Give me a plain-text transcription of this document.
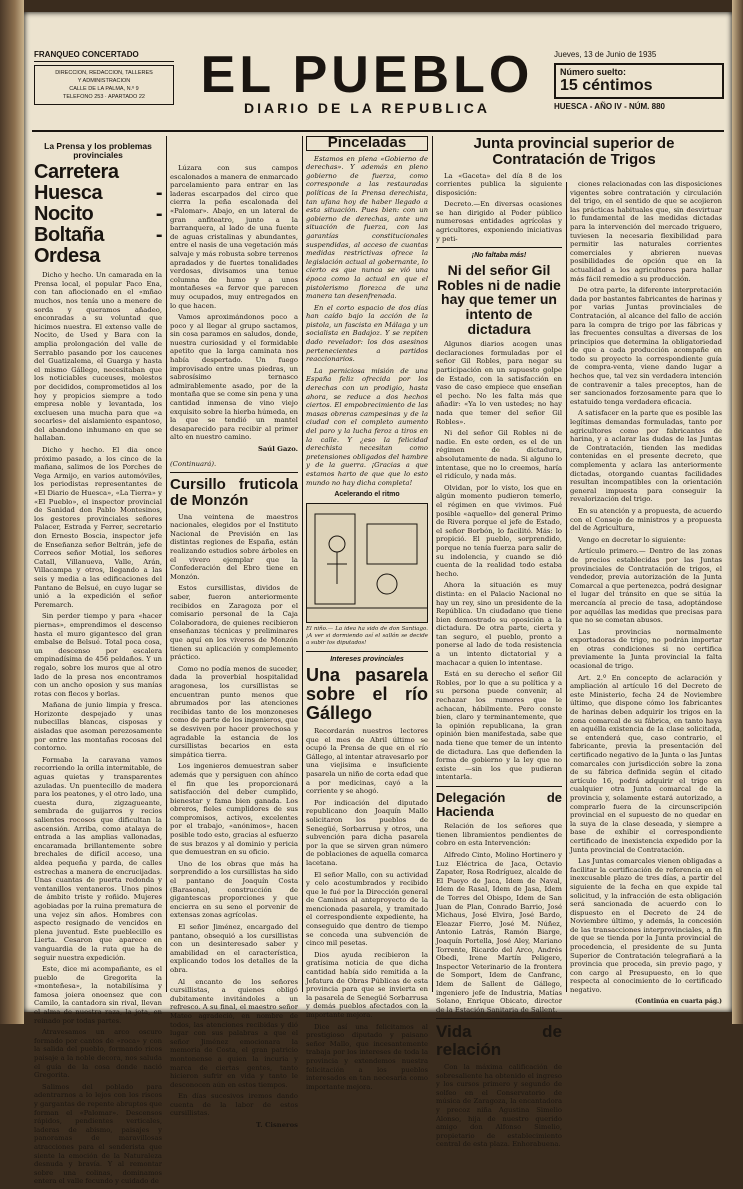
FRANQUEO CONCERTADO
DIRECCION, REDACCION, TALLERES
Y ADMINISTRACION
CALLE DE LA PALMA, N.º 9
TELEFONO 253 · APARTADO 22	EL PUEBLO
DIARIO DE LA REPUBLICA
Jueves, 13 de Junio de 1935
Número suelto:
15 céntimos
HUESCA - AÑO IV - NÚM. 880
La Prensa y los problemas provinciales
Carretera Huesca - Nocito - Boltaña - Ordesa

Dicho y hecho. Un camarada en la Prensa local, el popular Paco Ena, con tan afiocionado en el «mñao muchos, nos tenía uno a menere de sorda y queramos añadeo, enconradas a su voluntad que hicimos nuestra. El extenso valle de Nocito, de Used y Bara con la amplia prolongación del valle de Serrablo pasando por los caucenes del Guatizalema, el Guarga y hasta el mismo Gállego, necesitaban que los noticiables cuceuses, molestos por decididos, comprometidos al los hoy y propicios siempre a todo empresa noble y levantada, los excluesen una mucha para que «a socarles» del aislamiento espantoso, del abandono inhumano en que se hallaban.

Dicho y hecho. El dia once próximo pasado, a los cinco de la mañana, salimos de los Porches de Vega Armijo, en varios automóviles, los periodistas representantes de «El Diario de Huesca», «La Tierra» y «El Pueblo», el inspector provincial de Sanidad don Pablo Montesinos, los gestores provinciales señores Palacer, Estrada y Ferrer, secretario don Ernesto Boscia, inspector jefe de Enseñanza señor Beltrán, jefe de Correos señor Motial, los señores Catall, Villanueva, Valle, Arán, Villacampa y otros, llegando a las seis y media a las edificaciones del Pantano de Belsué, en cuyo lugar se unió a la expedición el señor Peremarch.

Sin perder tiempo y para «hacer piernas», emprendimos el descenso hasta el muro gigantesco del gran embalse de Belsué. Total poca cosa, un descenso por escalera empinadísima de 456 peldaños. Y un regalo, sobre los muros que al otro lado de la presa nos encontramos con un ancho oposion y sus manías rotas con flecos y borlas.

Mañana de junio limpia y fresca. Horizonte despejado y unas nubecillas blancas, cisposas y aisladas que asoman perezosamente por entre las montañas rocosas del contorno.

Formaba la caravana vamos recorriendo la orilla intermitable, de aguas quietas y transparentes azuladas. Un puentecillo de madera para los peatones, y el otro lado, una cuesta dura, zigzagueante, sembrada de guijarros y recios salientes rocosos que dificultan la ascensión. Arriba, como atalaya de entrada a las amplias vallonadas, encaramada brillantemente sobre brechales de difícil acceso, una aldea pequeña y parda, de calles estrechas a manera de encrucijadas. Unas cuantas de puerta redonda y ventanillos ventaneros. Unos pinos de ámbito triste y roñido. Mujeres agobiadas por la ruina prematura de una vejez sin años. Hombres con aspecto resignado de vencidos en plena juventud. Este pueblecillo es Lierta. Cesaron que aparece en vanguardia de la ruta que ha de seguir nuestra expedición.

Este, dice mi acompañante, es el pueblo de Gregorita la «monteñesa», la notabilísima y famosa joiera onoensez que con Camilo, la cantadora sin rival, llevan el alma de nuestra raza, la jota, en reinado por todas partes.

Atravesamos un arco oscuro formado por cantos de «roca» y con la salida del pueblo, formando ricos paisaje a la noble decora, nos saluda el guía de la cosa donde nació Gregorita.

Salimos del poblado para adentrarnos a lo lejos con los riscos y gargantas de repente abruptos que forman el «Palomar». Descensos rápidos, pendientes verticales, laderas de abismo, paisajes y panoramas de maravillosas atracciones para el senderista que siente la emoción de la Naturaleza desnuda y bravía. Y al remontar sobre una colinas, dominamos entera el valle fecundo y cuidado de

Lúzara con sus campos escalonados a manera de enmarcado parcelamiento para entrar en las laderas escarpados del circo que cierra la peña escalonada del «Palomar». Abajo, en un lateral de gran anfiteatro, junto a la barranquera, al lado de una fuente de aguas cristalinas y abundantes, entre el nasis de una vegetación más salvaje y más robusta sobre terrenos apradados y de fuertes tonalidades verdosas, divisamos una tenue columna de humo y a unos montañeses «a fervor que parecen muy ocupados, muy entregados en lo que hacen.

Vamos aproximándonos poco a poco y al llegar al grupo sactamos, sin cosa paramos en saludos, donde, nuestra curiosidad y el formidable apetito que la larga caminata nos había despertado. Un fuego improvisado entre unas piedras, un sabrosísimo ternasco admirablemente asado, por de la montaña que se come sin pena y una cantidad inmensa de vino viejo exquisito sobre la hierba húmeda, en la que se tendió un mantel desaparecido para recibir al primer alto en nuestro camino.

Saúl Gazo.
(Continuará).
Cursillo fruticola de Monzón

Una veintena de maestros nacionales, elegidos por el Instituto Nacional de Previsión en las distintas regiones de España, están realizando estudios sobre árboles en el vivero ejemplar que la Confederación del Ebro tiene en Monzón.

Estos cursillistas, dividos de saber, fueron anteriormente recibidos en Zaragoza por el comisario personal de la Caja Colaboradora, de quienes recibieron enseñanzas técnicas y preliminares que aquí en los viveros de Monzón tienen su aplicación y complemento práctico.

Como no podía menos de suceder, dada la proverbial hospitalidad aragonesa, los cursillistas se encuentran punto menos que abrumados por las atenciones recibidas tanto de los monzoneses como de parte de los ingenieros, que se desviven por hacer provechosa y agradable la estancia de los cursillistas becarios en esta simpática tierra.

Los ingenieros demuestran saber además que y persiguen con ahínco el fin que les proporcionará satisfacción del deber cumplido, bienestar y fama bien ganada. Los obreros, fieles cumplidores de sus compromisos, activos, excelentes por el trabajo, «anónimos», hacen posible todo esto, gracias al esfuerzo de sus brazos y al dominio y pericia que demuestran en su oficio.

Uno de los obras que más ha sorprendido a los cursillistas ha sido el pantano de Joaquín Costa (Barasona), construcción de gigantescas proporciones y que encierra en su seno el porvenir de extensas zonas agrícolas.

El señor Jiménez, encargado del pantano, obsequió a los cursillistas con un desinteresado saber y amabilidad en el característica, explicando todos los detalles de la obra.

Al encanto de los señores cursillistas, a quienes obligó dubitamente invitándoles a un refresco. A su final, el maestro señor Mateo agradeció, en nombre de todos, las atenciones recibidas y dió lugar con sus palabras a que el señor Jiménez emocionara la memoria de Costa, el gran patricio montonense a quien la incuria y marca de ciertas gentes, tanto hicieron sufrir en vida y tanto le desconocen aún en estos tiempos.

En días sucesivos iremos dando cuenta de la labor de estos cursillistas.

T. Cisneros
Pinceladas

Estamos en plena «Gobierno de derechas». Y además en pleno gobierno de fuerza, como corresponde a las restauradas políticas de la Prensa derechista, tan ufana hoy de haber llegado a esta situación. Pues bien: con un gobierno de derechas, ante una situación de fuerza, con las garantías constitucionales suspendidas, al acceso de cuantas medidas restrictivas ofrece la legislación actual al gobernante, lo cierto es que nunca se vió una época como la actual en que el pistolerismo florezca de una manera tan desenfrenada.

En el corto espacio de dos días han caído bajo la acción de la pistola, un fascista en Málaga y un socialista en Badajoz. Y se repiten dado revelador: los dos asesinos pertenecientes a partidos reaccionarios.

La perniciosa misión de una España feliz ofrecida por los derechas con un prodigio, hasta ahora, se reduce a dos hechos ciertos. El empobrecimiento de las masas obreras campesinas y de la ciudad con el completo aumento del paro y la lucha feroz a tiros en la calle. Y ¿eso la felicidad derechista necesitan como pretensiones obligados del hambre y de la guerra. ¡Gracias a que estamos harto de que que lo esto mundo no hay dicha completa!

Acelerando el ritmo
El niño.— La idea ha sido de don Santiago. ¡A ver si dormiendo así el sallón se decide a subir los diputados!
Intereses provinciales
Una pasarela sobre el río Gállego

Recordarán nuestros lectores que el mes de Abril último se ocupó la Prensa de que en el río Gállego, al intentar atravesarlo por una viejisima e insuficiente pasarela un niño de corta edad que a por medicinas, cayó a la corriente y se ahogó.

Por indicación del diputado republicano don Joaquín Mallo solicitaron los pueblos de Senegüé, Sorbarrusa y otros, una subvención para dicha pasarela por la que se sirven gran número de poblaciones de aquella comarca lacetana.

El señor Mallo, con su actividad y celo acostumbrados y recibido que le fué por la Dirección general de Caminos al anteproyecto de la mencionada pasarela, y tramitado el correspondiente expediente, ha conseguido que dentro de tiempo se conceda una subvención de cinco mil pesetas.

Dios ayuda recibieron la gratísima noticia de que dicha cantidad había sido remitida a la Jefatura de Obras Públicas de esta provincia para que se invierta en la pasarela de Senegüé Sorbarrusa y demás pueblos afectados con la importante mejora.

Dice así una felicitamos al prestigioso diputado y paisano señor Mallo, que incesantemente trabaja por los intereses de toda la provincia y extendemos nuestra felicitación a los pueblos interesados en tan necesaria como importante mejora.

Junta provincial superior de Contratación de Trigos

La «Gaceta» del día 8 de los corrientes publica la siguiente disposición:

Decreto.—En diversas ocasiones se han dirigido al Poder público numerosas entidades agrícolas y agricultores, exponiendo iniciativas y peti-

¡No faltaba más!
Ni del señor Gil Robles ni de nadie hay que temer un intento de dictadura

Algunos diarios acogen unas declaraciones formuladas por el señor Gil Robles, para negar su participación en un supuesto golpe de Estado, con la satisfacción en vaso de caso empiece que enseñan el pecho. No les falta más que añadir: «Ya lo ven ustedes; no hay nada que temer del señor Gil Robles».

Ni del señor Gil Robles ni de nadie. En este orden, es el de un régimen de dictadura, absolutamente de nada. Si alguno lo intentase, que no lo creemos, haría el ridículo, y nada más.

Olvidan, por lo visto, los que en algún momento pudieron temerlo, el régimen en que vivimos. Fué posible «aquello» del general Primo de Rivera porque el jefe de Estado, el señor Borbón, lo facilitó. Más: lo propició. El pueblo, sorprendido, porque no tenía fuerza para salir de su indolencia, y cuando se dió cuenta de la realidad todo estaba hecho.

Ahora la situación es muy distinta: en el Palacio Nacional no hay un rey, sino un presidente de la República. Un ciudadano que tiene bien demostrado su oposición a la dictadura. De otra parte, cierta y tan seguro, el pueblo, pronto a ponerse al lado de toda resistencia a un intento dictatorial y a machacar a quien lo intentase.

Está en su derecho el señor Gil Robles, por lo que a su política y a su persona puede convenir, al rechazar los rumores que le achacan, hábilmente. Pero conste bien, claro y terminantemente, que la opinión republicana, la gran opinión bien manifestada, sabe que nada tiene que temer de un intento de dictadura. Las que defienden la forma de gobierno y la ley que no existe —sin los que pudieran intentarla.

Delegación de Hacienda

Relación de los señores que tienen libramientos pendientes de cobro en esta Intervención:

Alfredo Cinto, Molino Hortinero y Luz Eléctrica de Jaca, Octavio Zapater, Rosa Rodríguez, alcalde de El Pueyo de Jaca, Idem de Naval, Idem de Rasal, Idem de Jasa, Idem de Torres del Obispo, Idem de San Juan de Plan, Conrado Barrio, José Michaus, José Elvira, José Bardo, Eleazar Fierro, José M. Núñez, Antonio Latrás, Ramón Biarge, Joaquín Portella, José Aley, Mariano Torrente, Ricardo del Arco, Andrés Obedi, Irene Martín Peligero, Inspector Veterinario de la frontera de Somport, Idem de Canfranc, Idem de Sallent de Gállego, ingeniero jefe de Industria, Matías Solano, Enrique Obicato, director de la Estación Sanitaria de Sallent.

Vida de relación

Con la máxima calificación de sobresaliente ha obtenido el ingreso y los cursos primero y segundo de solfeo en el Conservatorio de música de Zaragoza, la encantadora y precoz niña Agustina Simelio Alonso, hija de nuestro querido amigo don Alfonso Simelio, propietario de establecimiento central de esta plaza. Enhorabuena.

ciones relacionadas con las disposiciones vigentes sobre contratación y circulación del trigo, en el sentido de que se acojieron las prácticas habituales que, sin desvirtuar lo fundamental de las medidas dictadas para la intervención del mercado triguero, tuviesen la necesaria flexibilidad para permitir las naturales corrientes comerciales y abrieren nuevas posibilidades de opción que en la actualidad a los agricultores para hallar más fácil remedio a su producción.

De otra parte, la diferente interpretación dada por bastantes fabricantes de harinas y por varias Juntas provinciales de Contratación, al alcance del fallo de acción para la compra de trigo por las fábricas y las frecuentes consultas a diversas de los principios que determina la obligatoriedad de que a cada producción acompañe en todo su proyecto la correspondiente guía de compra-venta, viene dando lugar a hechos que, tal vez sin verdadera intención de contravenir a tales preceptos, han de ser sancionados forzosamente para que lo estatuido tenga verdadera eficacia.

A satisfacer en la parte que es posible las legítimas demandas formuladas, tanto por agricultores como por fabricantes de harina, y a aclarar las dudas de las Juntas de Contratación, tienden las medidas contenidas en el presente decreto, que complementa y aclara las anteriormente dictadas, otorgando cuantas facilidades resultan incompatibles con la orientación general impuesta para conseguir la revalorización del trigo.

En su atención y a propuesta, de acuerdo con el Consejo de ministros y a propuesta del de Agricultura,

Vengo en decretar lo siguiente:

Artículo primero.— Dentro de las zonas de precios establecidas por las Juntas provinciales de Contratación de trigos, el vendedor, previa autorización de la Junta Comarcal a que pertenezca, podrá designar el lugar del tránsito en que se sitúa la mercancía al precio de tasa, adoptándose por aquéllas las medidas que precisas para que no se cometan abusos.

Las provincias normalmente exportadoras de trigo, no podrán importar en otras condiciones si no certifica previamente la Junta provincial la falta ocasional de trigo.

Art. 2.º En concepto de aclaración y ampliación al artículo 16 del Decreto de este Ministerio, fecha 24 de Noviembre último, que dispone cómo los fabricantes de harinas deben adquirir los trigos en la zona comarcal de su fábrica, en tanto haya en aquélla existencia de la clase solicitada, se entenderá que, caso contrario, el fabricante, previa la presentación del certificado negativo de la Junta o las Juntas comarcales con jurisdicción sobre la zona de su fábrica definida según el citado artículo 16, podrá adquirir el trigo en cualquier otra Junta comarcal de la provincia y, solamente estará autorizado, a comprarlo fuera de la circunscripción provincial en el supuesto de no quedar en la suya de la clase deseada, y siempre a base de exhibir el correspondiente certificado de inexistencia expedido por la Junta provincial de Contratación.

Las Juntas comarcales vienen obligadas a facilitar la certificación de referencia en el inexcusable plazo de tres días, a partir del siguiente de la fecha en que expide tal solicitud, y la infracción de esta obligación será sancionada de acuerdo con lo dispuesto en el Decreto de 24 de Noviembre último, y además, la concesión de las transacciones interprovinciales, a fin de que se tienda por la Junta provincial de procedencia, el presidente de su Junta Superior de Contratación telegrafiará a la provincia que proceda, sin previo pago, y con cargo al Presupuesto, en lo que respecta al conocimiento de lo certificado negativo.

(Continúa en cuarta pág.)
